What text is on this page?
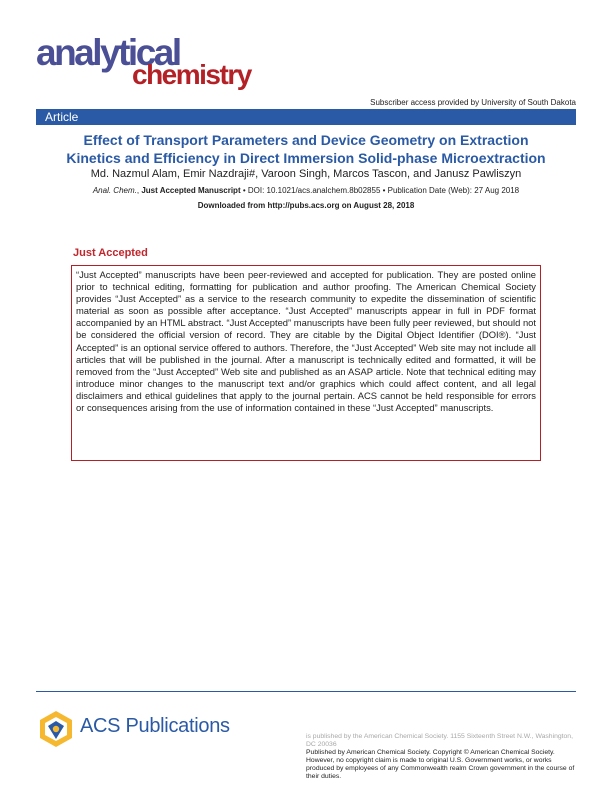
analytical
chemistry
Subscriber access provided by University of South Dakota
Article
Effect of Transport Parameters and Device Geometry on Extraction
Kinetics and Efficiency in Direct Immersion Solid-phase Microextraction
Md. Nazmul Alam, Emir Nazdraji#, Varoon Singh, Marcos Tascon, and Janusz Pawliszyn
Anal. Chem., Just Accepted Manuscript • DOI: 10.1021/acs.analchem.8b02855 • Publication Date (Web): 27 Aug 2018
Downloaded from http://pubs.acs.org on August 28, 2018
Just Accepted

“Just Accepted” manuscripts have been peer-reviewed and accepted for publication. They are posted online prior to technical editing, formatting for publication and author proofing. The American Chemical Society provides “Just Accepted” as a service to the research community to expedite the dissemination of scientific material as soon as possible after acceptance. “Just Accepted” manuscripts appear in full in PDF format accompanied by an HTML abstract. “Just Accepted” manuscripts have been fully peer reviewed, but should not be considered the official version of record. They are citable by the Digital Object Identifier (DOI®). “Just Accepted” is an optional service offered to authors. Therefore, the “Just Accepted” Web site may not include all articles that will be published in the journal. After a manuscript is technically edited and formatted, it will be removed from the “Just Accepted” Web site and published as an ASAP article. Note that technical editing may introduce minor changes to the manuscript text and/or graphics which could affect content, and all legal disclaimers and ethical guidelines that apply to the journal pertain. ACS cannot be held responsible for errors or consequences arising from the use of information contained in these “Just Accepted” manuscripts.

ACS Publications	is published by the American Chemical Society. 1155 Sixteenth Street N.W., Washington, DC 20036
Published by American Chemical Society. Copyright © American Chemical Society. However, no copyright claim is made to original U.S. Government works, or works produced by employees of any Commonwealth realm Crown government in the course of their duties.
